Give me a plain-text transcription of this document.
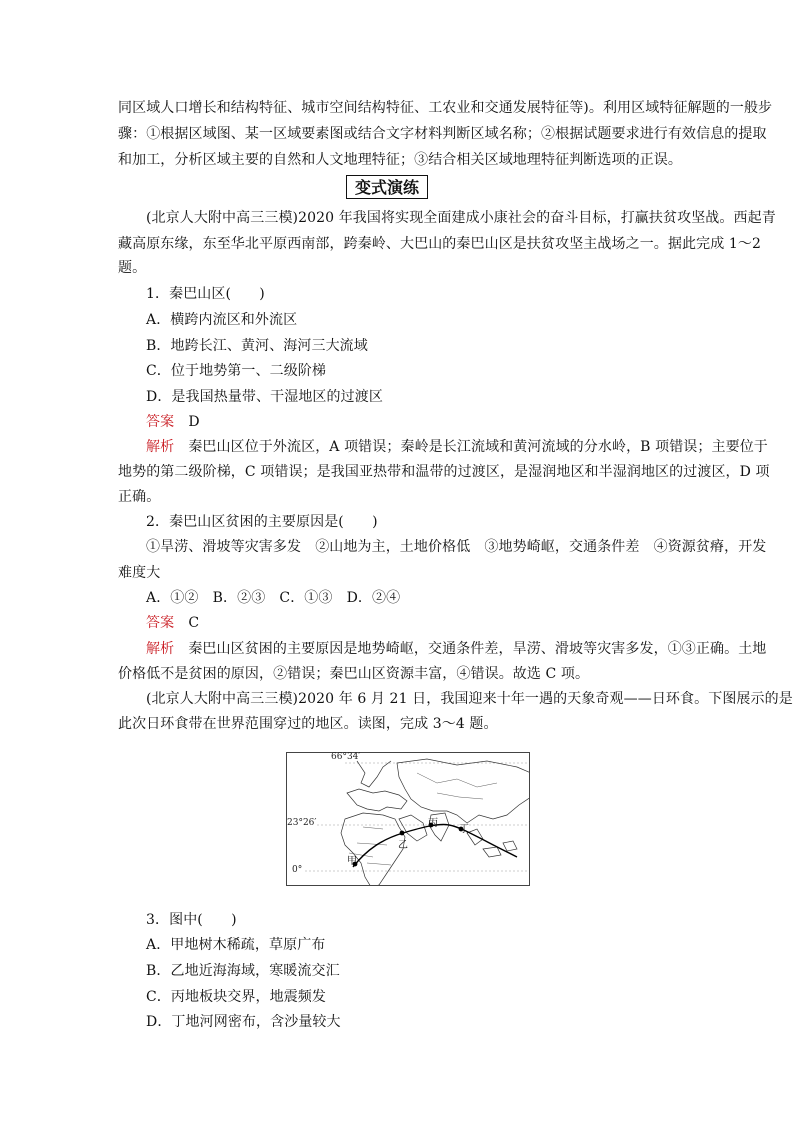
同区域人口增长和结构特征、城市空间结构特征、工农业和交通发展特征等)。利用区域特征解题的一般步
骤：①根据区域图、某一区域要素图或结合文字材料判断区域名称；②根据试题要求进行有效信息的提取
和加工，分析区域主要的自然和人文地理特征；③结合相关区域地理特征判断选项的正误。
变式演练
(北京人大附中高三三模)2020 年我国将实现全面建成小康社会的奋斗目标，打赢扶贫攻坚战。西起青
藏高原东缘，东至华北平原西南部，跨秦岭、大巴山的秦巴山区是扶贫攻坚主战场之一。据此完成 1～2
题。
1．秦巴山区(　　)
A．横跨内流区和外流区
B．地跨长江、黄河、海河三大流域
C．位于地势第一、二级阶梯
D．是我国热量带、干湿地区的过渡区
答案　 D
解析　 秦巴山区位于外流区，A 项错误；秦岭是长江流域和黄河流域的分水岭，B 项错误；主要位于
地势的第二级阶梯，C 项错误；是我国亚热带和温带的过渡区，是湿润地区和半湿润地区的过渡区，D 项
正确。
2．秦巴山区贫困的主要原因是(　　)
①旱涝、滑坡等灾害多发　②山地为主，土地价格低　③地势崎岖，交通条件差　④资源贫瘠，开发
难度大
A．①②　B．②③　C．①③　D．②④
答案　 C
解析　 秦巴山区贫困的主要原因是地势崎岖，交通条件差，旱涝、滑坡等灾害多发，①③正确。土地
价格低不是贫困的原因，②错误；秦巴山区资源丰富，④错误。故选 C 项。
(北京人大附中高三三模)2020 年 6 月 21 日，我国迎来十年一遇的天象奇观——日环食。下图展示的是
此次日环食带在世界范围穿过的地区。读图，完成 3～4 题。
66°34′
23°26′
0°
甲
乙
丙
丁
3．图中(　　)
A．甲地树木稀疏，草原广布
B．乙地近海海域，寒暖流交汇
C．丙地板块交界，地震频发
D．丁地河网密布，含沙量较大
